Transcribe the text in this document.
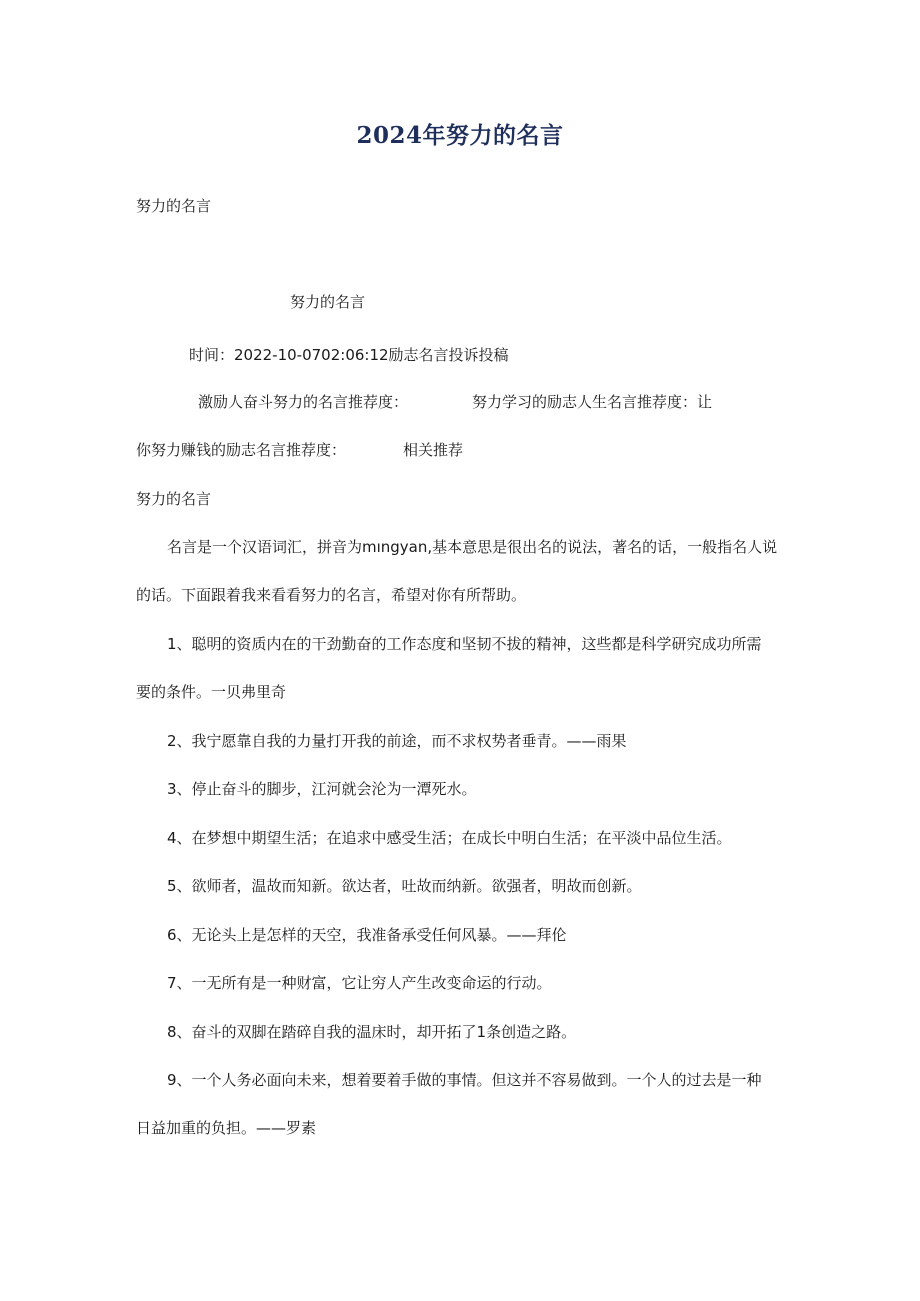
2024年努力的名言
努力的名言
努力的名言
时间：2022-10-0702:06:12励志名言投诉投稿
激励人奋斗努力的名言推荐度：	努力学习的励志人生名言推荐度：让
你努力赚钱的励志名言推荐度：	相关推荐
努力的名言
名言是一个汉语词汇，拼音为mıngyan,基本意思是很出名的说法，著名的话，一般指名人说
的话。下面跟着我来看看努力的名言，希望对你有所帮助。
1、聪明的资质内在的干劲勤奋的工作态度和坚韧不拔的精神，这些都是科学研究成功所需
要的条件。一贝弗里奇
2、我宁愿靠自我的力量打开我的前途，而不求权势者垂青。——雨果
3、停止奋斗的脚步，江河就会沦为一潭死水。
4、在梦想中期望生活；在追求中感受生活；在成长中明白生活；在平淡中品位生活。
5、欲师者，温故而知新。欲达者，吐故而纳新。欲强者，明故而创新。
6、无论头上是怎样的天空，我准备承受任何风暴。——拜伦
7、一无所有是一种财富，它让穷人产生改变命运的行动。
8、奋斗的双脚在踏碎自我的温床时，却开拓了1条创造之路。
9、一个人务必面向未来，想着要着手做的事情。但这并不容易做到。一个人的过去是一种
日益加重的负担。——罗素
